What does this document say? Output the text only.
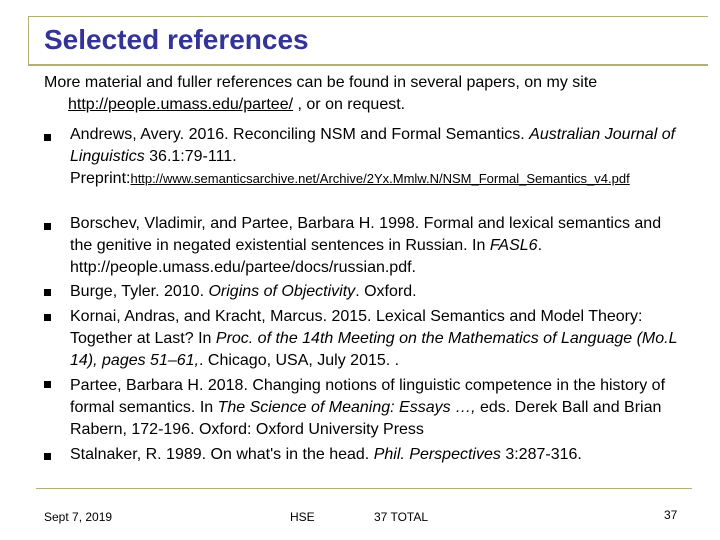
Selected references
More material and fuller references can be found in several papers, on my site
http://people.umass.edu/partee/ , or on request.
Andrews, Avery. 2016. Reconciling NSM and Formal Semantics. Australian Journal of Linguistics 36.1:79-111.
Preprint:http://www.semanticsarchive.net/Archive/2Yx.Mmlw.N/NSM_Formal_Semantics_v4.pdf
Borschev, Vladimir, and Partee, Barbara H. 1998. Formal and lexical semantics and the genitive in negated existential sentences in Russian. In FASL6. http://people.umass.edu/partee/docs/russian.pdf.
Burge, Tyler. 2010. Origins of Objectivity. Oxford.
Kornai, Andras, and Kracht, Marcus. 2015. Lexical Semantics and Model Theory: Together at Last? In Proc. of the 14th Meeting on the Mathematics of Language (Mo.L 14), pages 51–61,. Chicago, USA, July 2015. .
Partee, Barbara H. 2018. Changing notions of linguistic competence in the history of formal semantics. In The Science of Meaning: Essays …, eds. Derek Ball and Brian Rabern, 172-196. Oxford: Oxford University Press
Stalnaker, R. 1989. On what's in the head. Phil. Perspectives 3:287-316.
Sept 7, 2019	HSE	37 TOTAL	37
